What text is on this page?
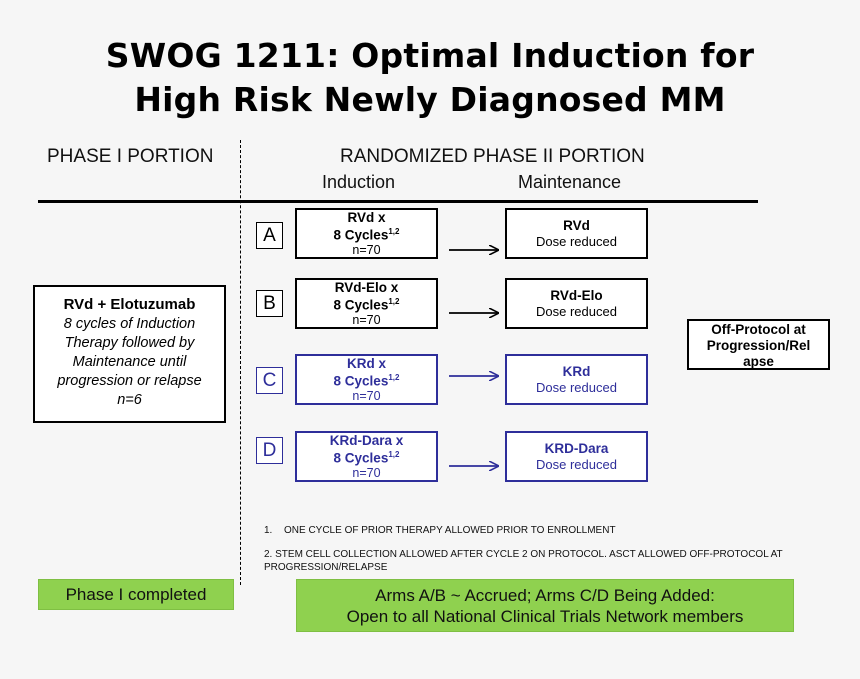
SWOG 1211: Optimal Induction for
High Risk Newly Diagnosed MM
PHASE I PORTION	RANDOMIZED PHASE II PORTION
Induction	Maintenance
RVd + Elotuzumab
8 cycles of Induction
Therapy followed by
Maintenance until
progression or relapse
n=6
A
RVd x
8 Cycles$^{1,2}$
n=70
RVd
Dose reduced
B
RVd-Elo x
8 Cycles$^{1,2}$
n=70
RVd-Elo
Dose reduced
C
KRd x
8 Cycles$^{1,2}$
n=70
KRd
Dose reduced
D	KRd-Dara x
8 Cycles$^{1,2}$
n=70
KRD-Dara
Dose reduced
Off-Protocol at
Progression/Rel
apse
1. ONE CYCLE OF PRIOR THERAPY ALLOWED PRIOR TO ENROLLMENT
2. STEM CELL COLLECTION ALLOWED AFTER CYCLE 2 ON PROTOCOL. ASCT ALLOWED OFF-PROTOCOL AT
PROGRESSION/RELAPSE
Phase I completed	Arms A/B ~ Accrued; Arms C/D Being Added:
Open to all National Clinical Trials Network members
